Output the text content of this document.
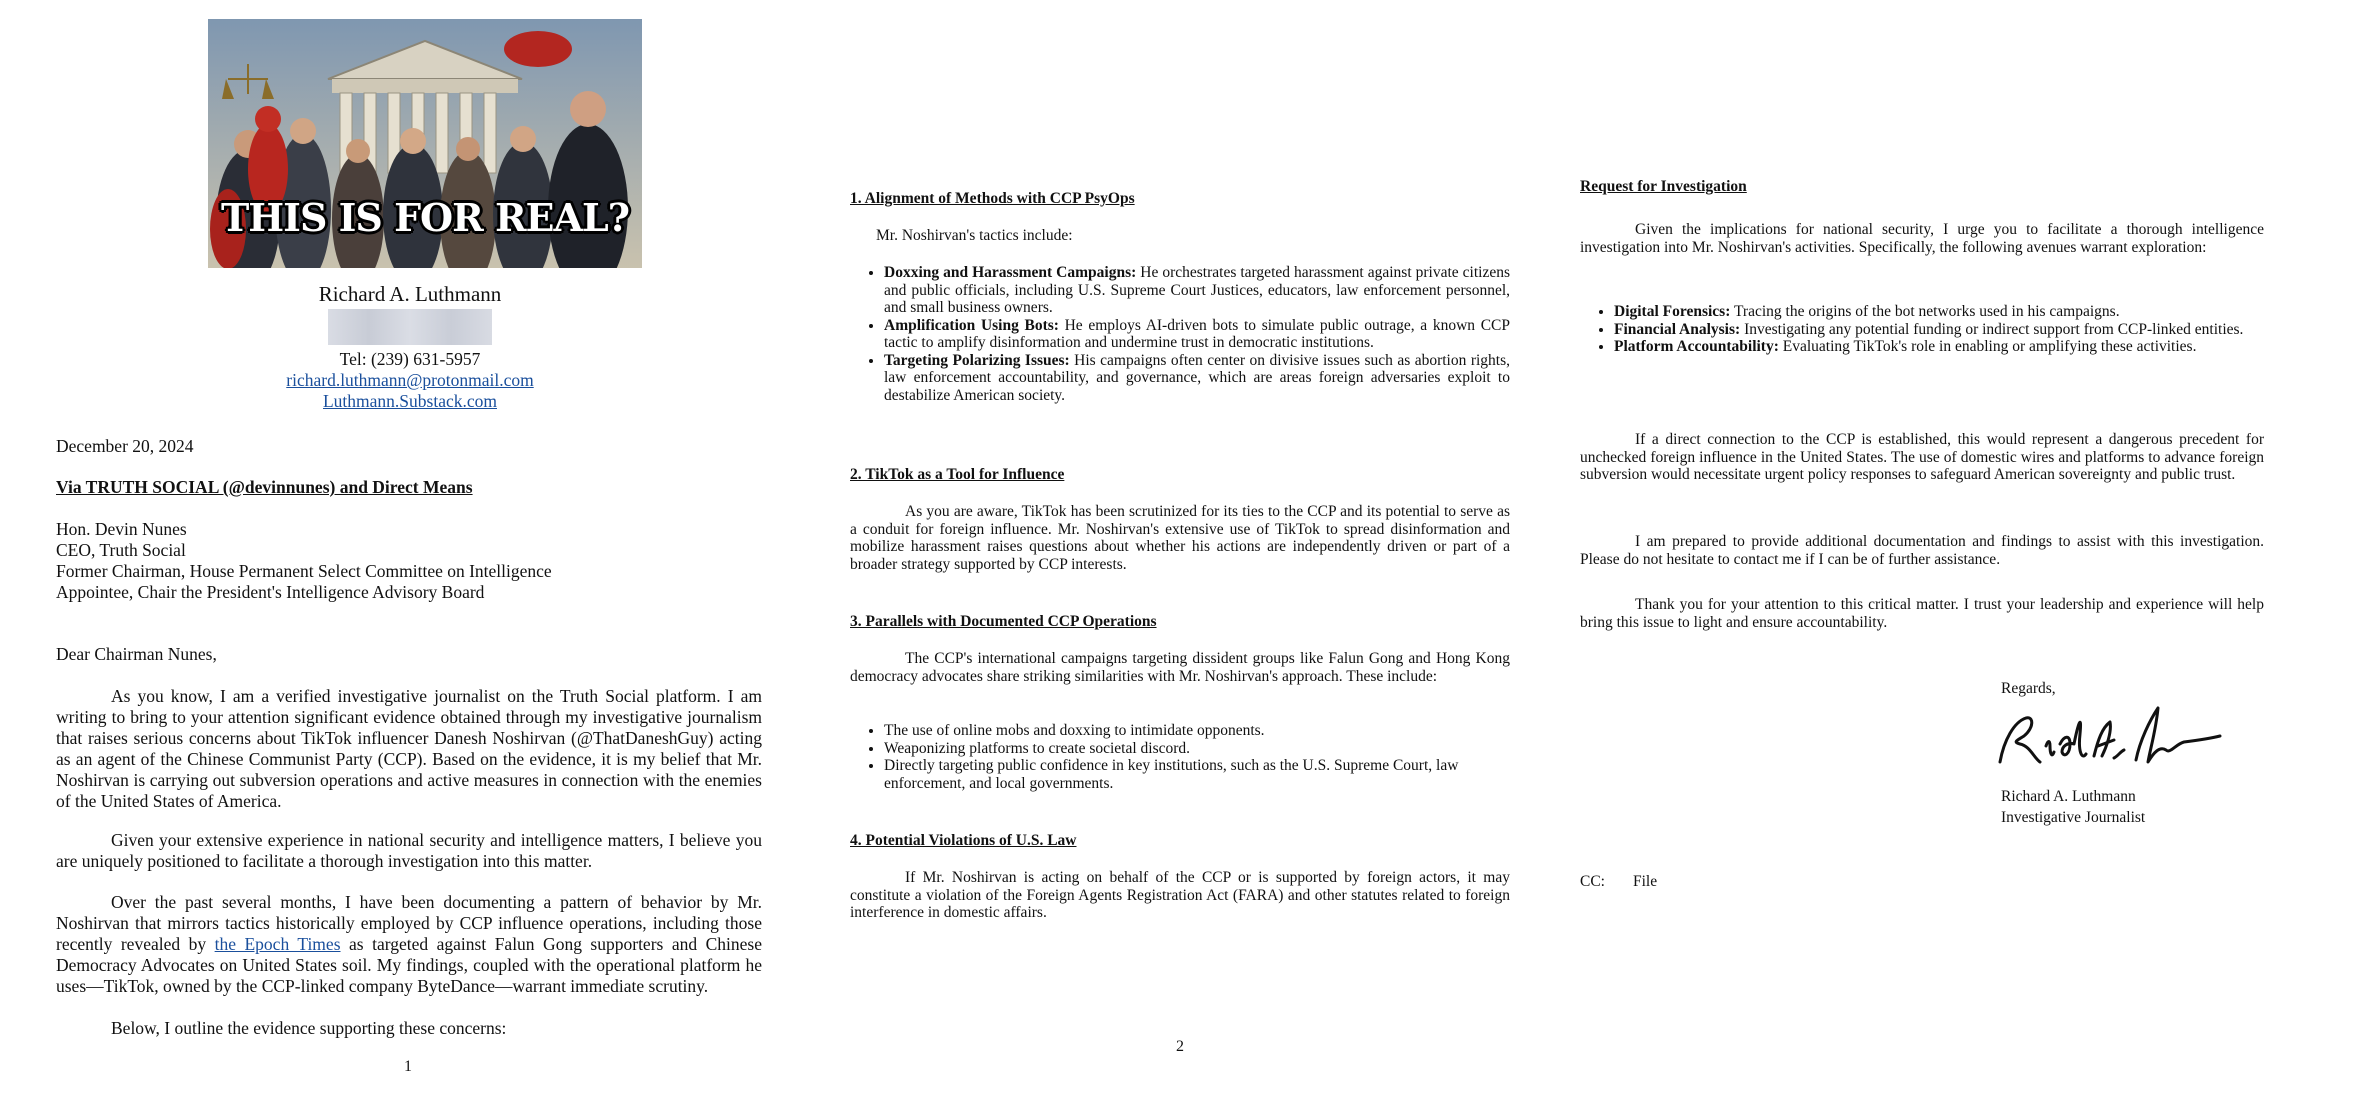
THIS IS FOR REAL?
Richard A. Luthmann
Tel: (239) 631-5957
richard.luthmann@protonmail.com
Luthmann.Substack.com
December 20, 2024
Via TRUTH SOCIAL (@devinnunes) and Direct Means
Hon. Devin Nunes
CEO, Truth Social
Former Chairman, House Permanent Select Committee on Intelligence
Appointee, Chair the President's Intelligence Advisory Board
Dear Chairman Nunes,
As you know, I am a verified investigative journalist on the Truth Social platform. I am writing to bring to your attention significant evidence obtained through my investigative journalism that raises serious concerns about TikTok influencer Danesh Noshirvan (@ThatDaneshGuy) acting as an agent of the Chinese Communist Party (CCP). Based on the evidence, it is my belief that Mr. Noshirvan is carrying out subversion operations and active measures in connection with the enemies of the United States of America.
Given your extensive experience in national security and intelligence matters, I believe you are uniquely positioned to facilitate a thorough investigation into this matter.
Over the past several months, I have been documenting a pattern of behavior by Mr. Noshirvan that mirrors tactics historically employed by CCP influence operations, including those recently revealed by the Epoch Times as targeted against Falun Gong supporters and Chinese Democracy Advocates on United States soil. My findings, coupled with the operational platform he uses—TikTok, owned by the CCP-linked company ByteDance—warrant immediate scrutiny.
Below, I outline the evidence supporting these concerns:
1
1. Alignment of Methods with CCP PsyOps
Mr. Noshirvan's tactics include:
• Doxxing and Harassment Campaigns: He orchestrates targeted harassment against private citizens and public officials, including U.S. Supreme Court Justices, educators, law enforcement personnel, and small business owners.
• Amplification Using Bots: He employs AI-driven bots to simulate public outrage, a known CCP tactic to amplify disinformation and undermine trust in democratic institutions.
• Targeting Polarizing Issues: His campaigns often center on divisive issues such as abortion rights, law enforcement accountability, and governance, which are areas foreign adversaries exploit to destabilize American society.
2. TikTok as a Tool for Influence
As you are aware, TikTok has been scrutinized for its ties to the CCP and its potential to serve as a conduit for foreign influence. Mr. Noshirvan's extensive use of TikTok to spread disinformation and mobilize harassment raises questions about whether his actions are independently driven or part of a broader strategy supported by CCP interests.
3. Parallels with Documented CCP Operations
The CCP's international campaigns targeting dissident groups like Falun Gong and Hong Kong democracy advocates share striking similarities with Mr. Noshirvan's approach. These include:
• The use of online mobs and doxxing to intimidate opponents.
• Weaponizing platforms to create societal discord.
• Directly targeting public confidence in key institutions, such as the U.S. Supreme Court, law enforcement, and local governments.
4. Potential Violations of U.S. Law
If Mr. Noshirvan is acting on behalf of the CCP or is supported by foreign actors, it may constitute a violation of the Foreign Agents Registration Act (FARA) and other statutes related to foreign interference in domestic affairs.
2
Request for Investigation
Given the implications for national security, I urge you to facilitate a thorough intelligence investigation into Mr. Noshirvan's activities. Specifically, the following avenues warrant exploration:
• Digital Forensics: Tracing the origins of the bot networks used in his campaigns.
• Financial Analysis: Investigating any potential funding or indirect support from CCP-linked entities.
• Platform Accountability: Evaluating TikTok's role in enabling or amplifying these activities.
If a direct connection to the CCP is established, this would represent a dangerous precedent for unchecked foreign influence in the United States. The use of domestic wires and platforms to advance foreign subversion would necessitate urgent policy responses to safeguard American sovereignty and public trust.
I am prepared to provide additional documentation and findings to assist with this investigation. Please do not hesitate to contact me if I can be of further assistance.
Thank you for your attention to this critical matter. I trust your leadership and experience will help bring this issue to light and ensure accountability.
Regards,
Richard A. Luthmann
Investigative Journalist
CC: File
